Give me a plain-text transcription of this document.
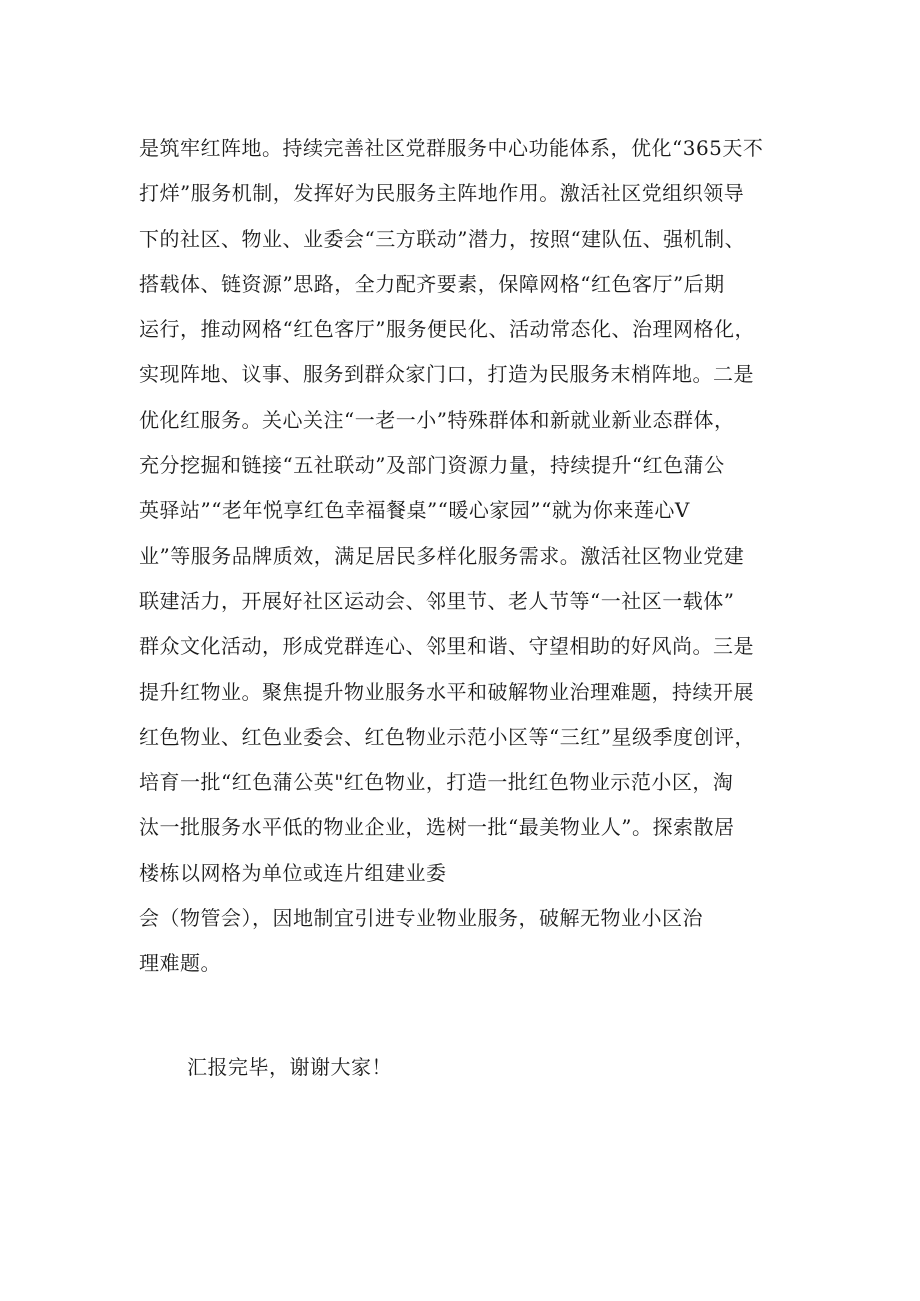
是筑牢红阵地。持续完善社区党群服务中心功能体系，优化“365天不
打烊”服务机制，发挥好为民服务主阵地作用。激活社区党组织领导
下的社区、物业、业委会“三方联动”潜力，按照“建队伍、强机制、
搭载体、链资源”思路，全力配齐要素，保障网格“红色客厅”后期
运行，推动网格“红色客厅”服务便民化、活动常态化、治理网格化，
实现阵地、议事、服务到群众家门口，打造为民服务末梢阵地。二是
优化红服务。关心关注“一老一小”特殊群体和新就业新业态群体，
充分挖掘和链接“五社联动”及部门资源力量，持续提升“红色蒲公
英驿站”“老年悦享红色幸福餐桌”“暖心家园”“就为你来莲心V
业”等服务品牌质效，满足居民多样化服务需求。激活社区物业党建
联建活力，开展好社区运动会、邻里节、老人节等“一社区一载体”
群众文化活动，形成党群连心、邻里和谐、守望相助的好风尚。三是
提升红物业。聚焦提升物业服务水平和破解物业治理难题，持续开展
红色物业、红色业委会、红色物业示范小区等“三红”星级季度创评，
培育一批“红色蒲公英"红色物业，打造一批红色物业示范小区，淘
汰一批服务水平低的物业企业，选树一批“最美物业人”。探索散居
楼栋以网格为单位或连片组建业委
会（物管会），因地制宜引进专业物业服务，破解无物业小区治
理难题。

汇报完毕，谢谢大家！
